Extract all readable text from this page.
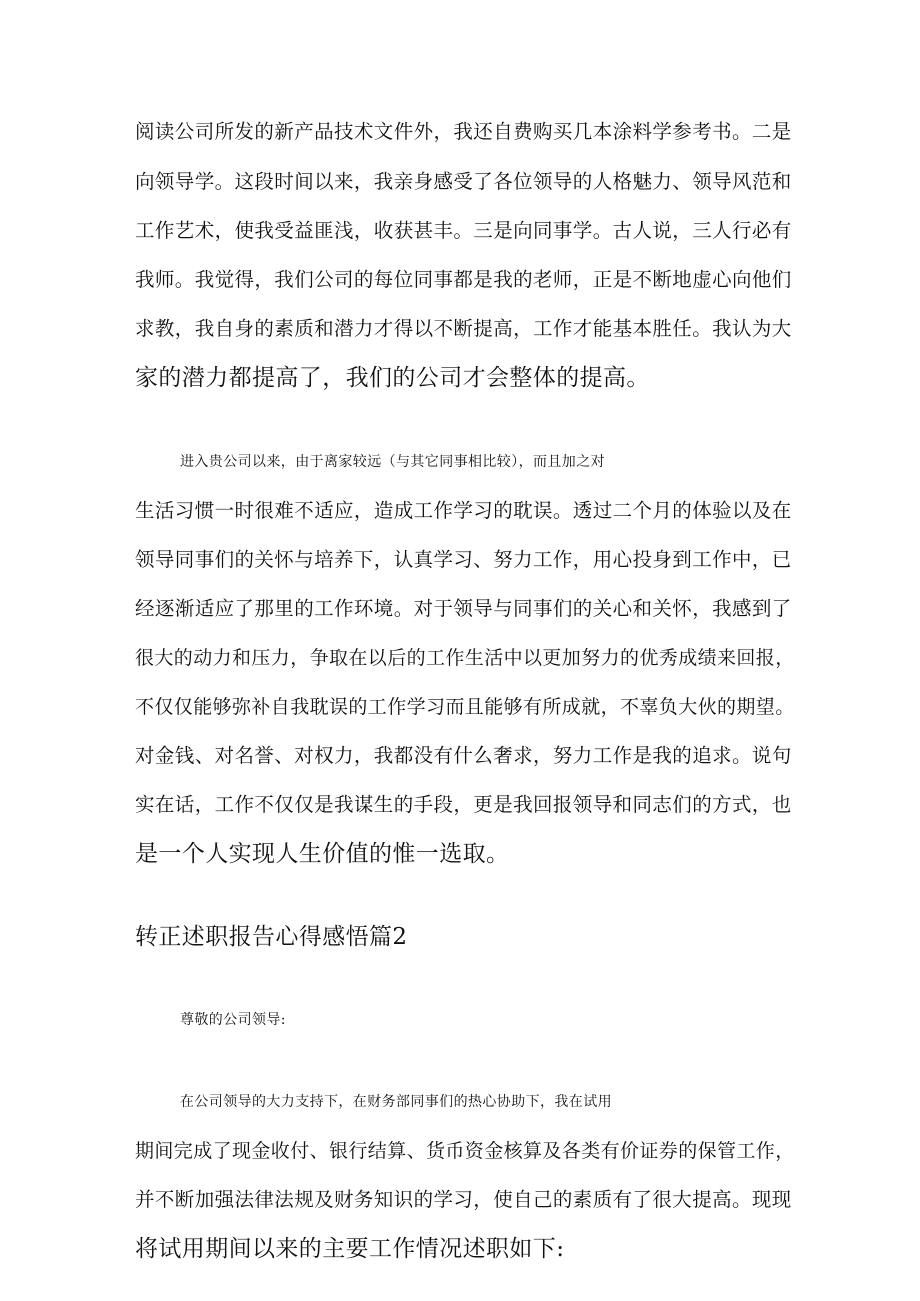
阅读公司所发的新产品技术文件外，我还自费购买几本涂料学参考书。二是
向领导学。这段时间以来，我亲身感受了各位领导的人格魅力、领导风范和
工作艺术，使我受益匪浅，收获甚丰。三是向同事学。古人说，三人行必有
我师。我觉得，我们公司的每位同事都是我的老师，正是不断地虚心向他们
求教，我自身的素质和潜力才得以不断提高，工作才能基本胜任。我认为大
家的潜力都提高了，我们的公司才会整体的提高。
进入贵公司以来，由于离家较远（与其它同事相比较），而且加之对
生活习惯一时很难不适应，造成工作学习的耽误。透过二个月的体验以及在
领导同事们的关怀与培养下，认真学习、努力工作，用心投身到工作中，已
经逐渐适应了那里的工作环境。对于领导与同事们的关心和关怀，我感到了
很大的动力和压力，争取在以后的工作生活中以更加努力的优秀成绩来回报，
不仅仅能够弥补自我耽误的工作学习而且能够有所成就，不辜负大伙的期望。
对金钱、对名誉、对权力，我都没有什么奢求，努力工作是我的追求。说句
实在话，工作不仅仅是我谋生的手段，更是我回报领导和同志们的方式，也
是一个人实现人生价值的惟一选取。
转正述职报告心得感悟篇2
尊敬的公司领导:
在公司领导的大力支持下，在财务部同事们的热心协助下，我在试用
期间完成了现金收付、银行结算、货币资金核算及各类有价证券的保管工作，
并不断加强法律法规及财务知识的学习，使自己的素质有了很大提高。现现
将试用期间以来的主要工作情况述职如下:
